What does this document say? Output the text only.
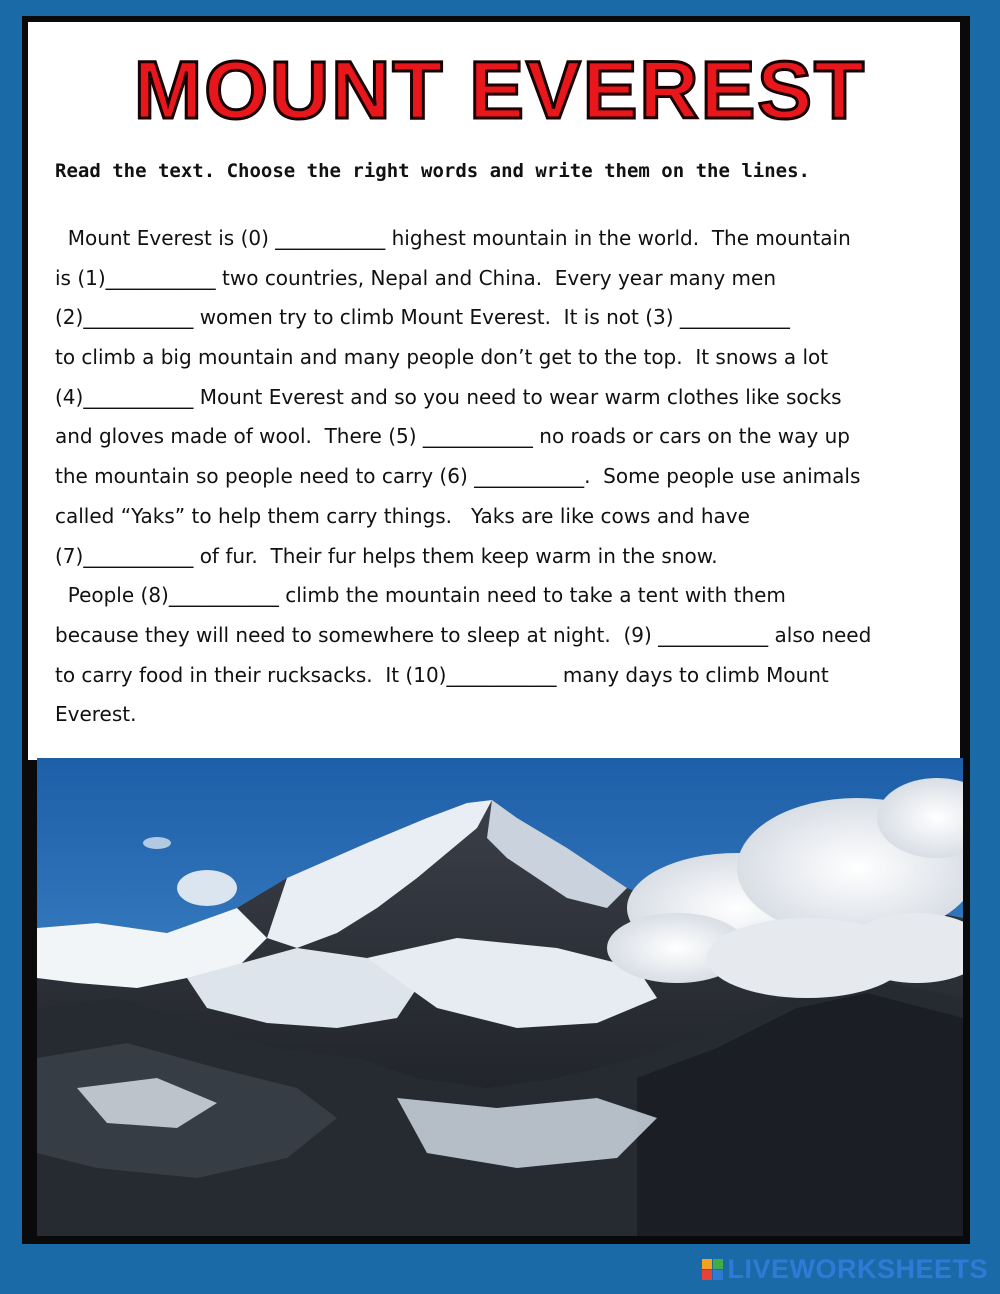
MOUNT EVEREST
Read the text. Choose the right words and write them on the lines.
Mount Everest is (0) ___________ highest mountain in the world.  The mountain
is (1)___________ two countries, Nepal and China.  Every year many men
(2)___________ women try to climb Mount Everest.  It is not (3) ___________
to climb a big mountain and many people don’t get to the top.  It snows a lot
(4)___________ Mount Everest and so you need to wear warm clothes like socks
and gloves made of wool.  There (5) ___________ no roads or cars on the way up
the mountain so people need to carry (6) ___________.  Some people use animals
called “Yaks” to help them carry things.   Yaks are like cows and have
(7)___________ of fur.  Their fur helps them keep warm in the snow.
People (8)___________ climb the mountain need to take a tent with them
because they will need to somewhere to sleep at night.  (9) ___________ also need
to carry food in their rucksacks.  It (10)___________ many days to climb Mount
Everest.
LIVEWORKSHEETS
